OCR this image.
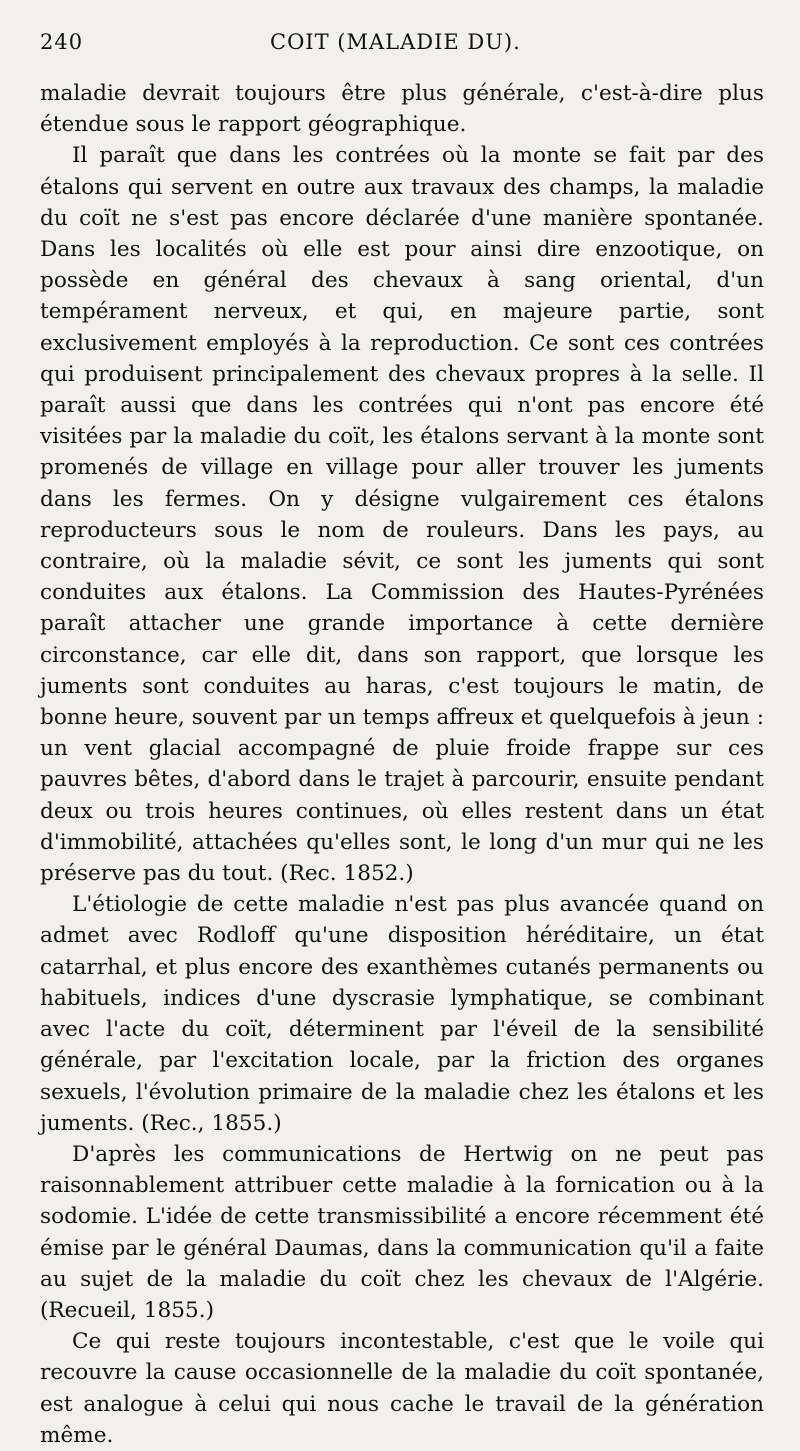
240	COIT (MALADIE DU).

maladie devrait toujours être plus générale, c'est-à-dire plus étendue sous le rapport géographique.

Il paraît que dans les contrées où la monte se fait par des étalons qui servent en outre aux travaux des champs, la maladie du coït ne s'est pas encore déclarée d'une manière spontanée. Dans les localités où elle est pour ainsi dire enzootique, on possède en général des chevaux à sang oriental, d'un tempérament nerveux, et qui, en majeure partie, sont exclusivement employés à la reproduction. Ce sont ces contrées qui produisent principalement des chevaux propres à la selle. Il paraît aussi que dans les contrées qui n'ont pas encore été visitées par la maladie du coït, les étalons servant à la monte sont promenés de village en village pour aller trouver les juments dans les fermes. On y désigne vulgairement ces étalons reproducteurs sous le nom de rouleurs. Dans les pays, au contraire, où la maladie sévit, ce sont les juments qui sont conduites aux étalons. La Commission des Hautes-Pyrénées paraît attacher une grande importance à cette dernière circonstance, car elle dit, dans son rapport, que lorsque les juments sont conduites au haras, c'est toujours le matin, de bonne heure, souvent par un temps affreux et quelquefois à jeun : un vent glacial accompagné de pluie froide frappe sur ces pauvres bêtes, d'abord dans le trajet à parcourir, ensuite pendant deux ou trois heures continues, où elles restent dans un état d'immobilité, attachées qu'elles sont, le long d'un mur qui ne les préserve pas du tout. (Rec. 1852.)

L'étiologie de cette maladie n'est pas plus avancée quand on admet avec Rodloff qu'une disposition héréditaire, un état catarrhal, et plus encore des exanthèmes cutanés permanents ou habituels, indices d'une dyscrasie lymphatique, se combinant avec l'acte du coït, déterminent par l'éveil de la sensibilité générale, par l'excitation locale, par la friction des organes sexuels, l'évolution primaire de la maladie chez les étalons et les juments. (Rec., 1855.)

D'après les communications de Hertwig on ne peut pas raisonnablement attribuer cette maladie à la fornication ou à la sodomie. L'idée de cette transmissibilité a encore récemment été émise par le général Daumas, dans la communication qu'il a faite au sujet de la maladie du coït chez les chevaux de l'Algérie. (Recueil, 1855.)

Ce qui reste toujours incontestable, c'est que le voile qui recouvre la cause occasionnelle de la maladie du coït spontanée, est analogue à celui qui nous cache le travail de la génération même.
